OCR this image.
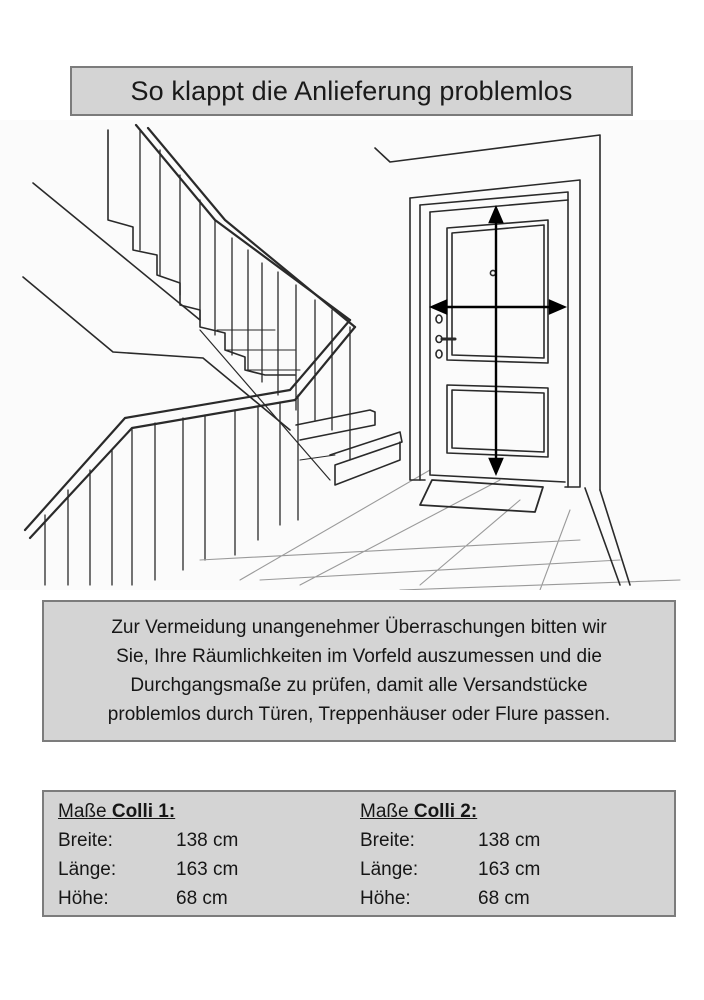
So klappt die Anlieferung problemlos

Zur Vermeidung unangenehmer Überraschungen bitten wir
Sie, Ihre Räumlichkeiten im Vorfeld auszumessen und die
Durchgangsmaße zu prüfen, damit alle Versandstücke
problemlos durch Türen, Treppenhäuser oder Flure passen.

Maße Colli 1:
Breite:	138 cm
Länge:	163 cm
Höhe:	68 cm
Maße Colli 2:
Breite:	138 cm
Länge:	163 cm
Höhe:	68 cm
